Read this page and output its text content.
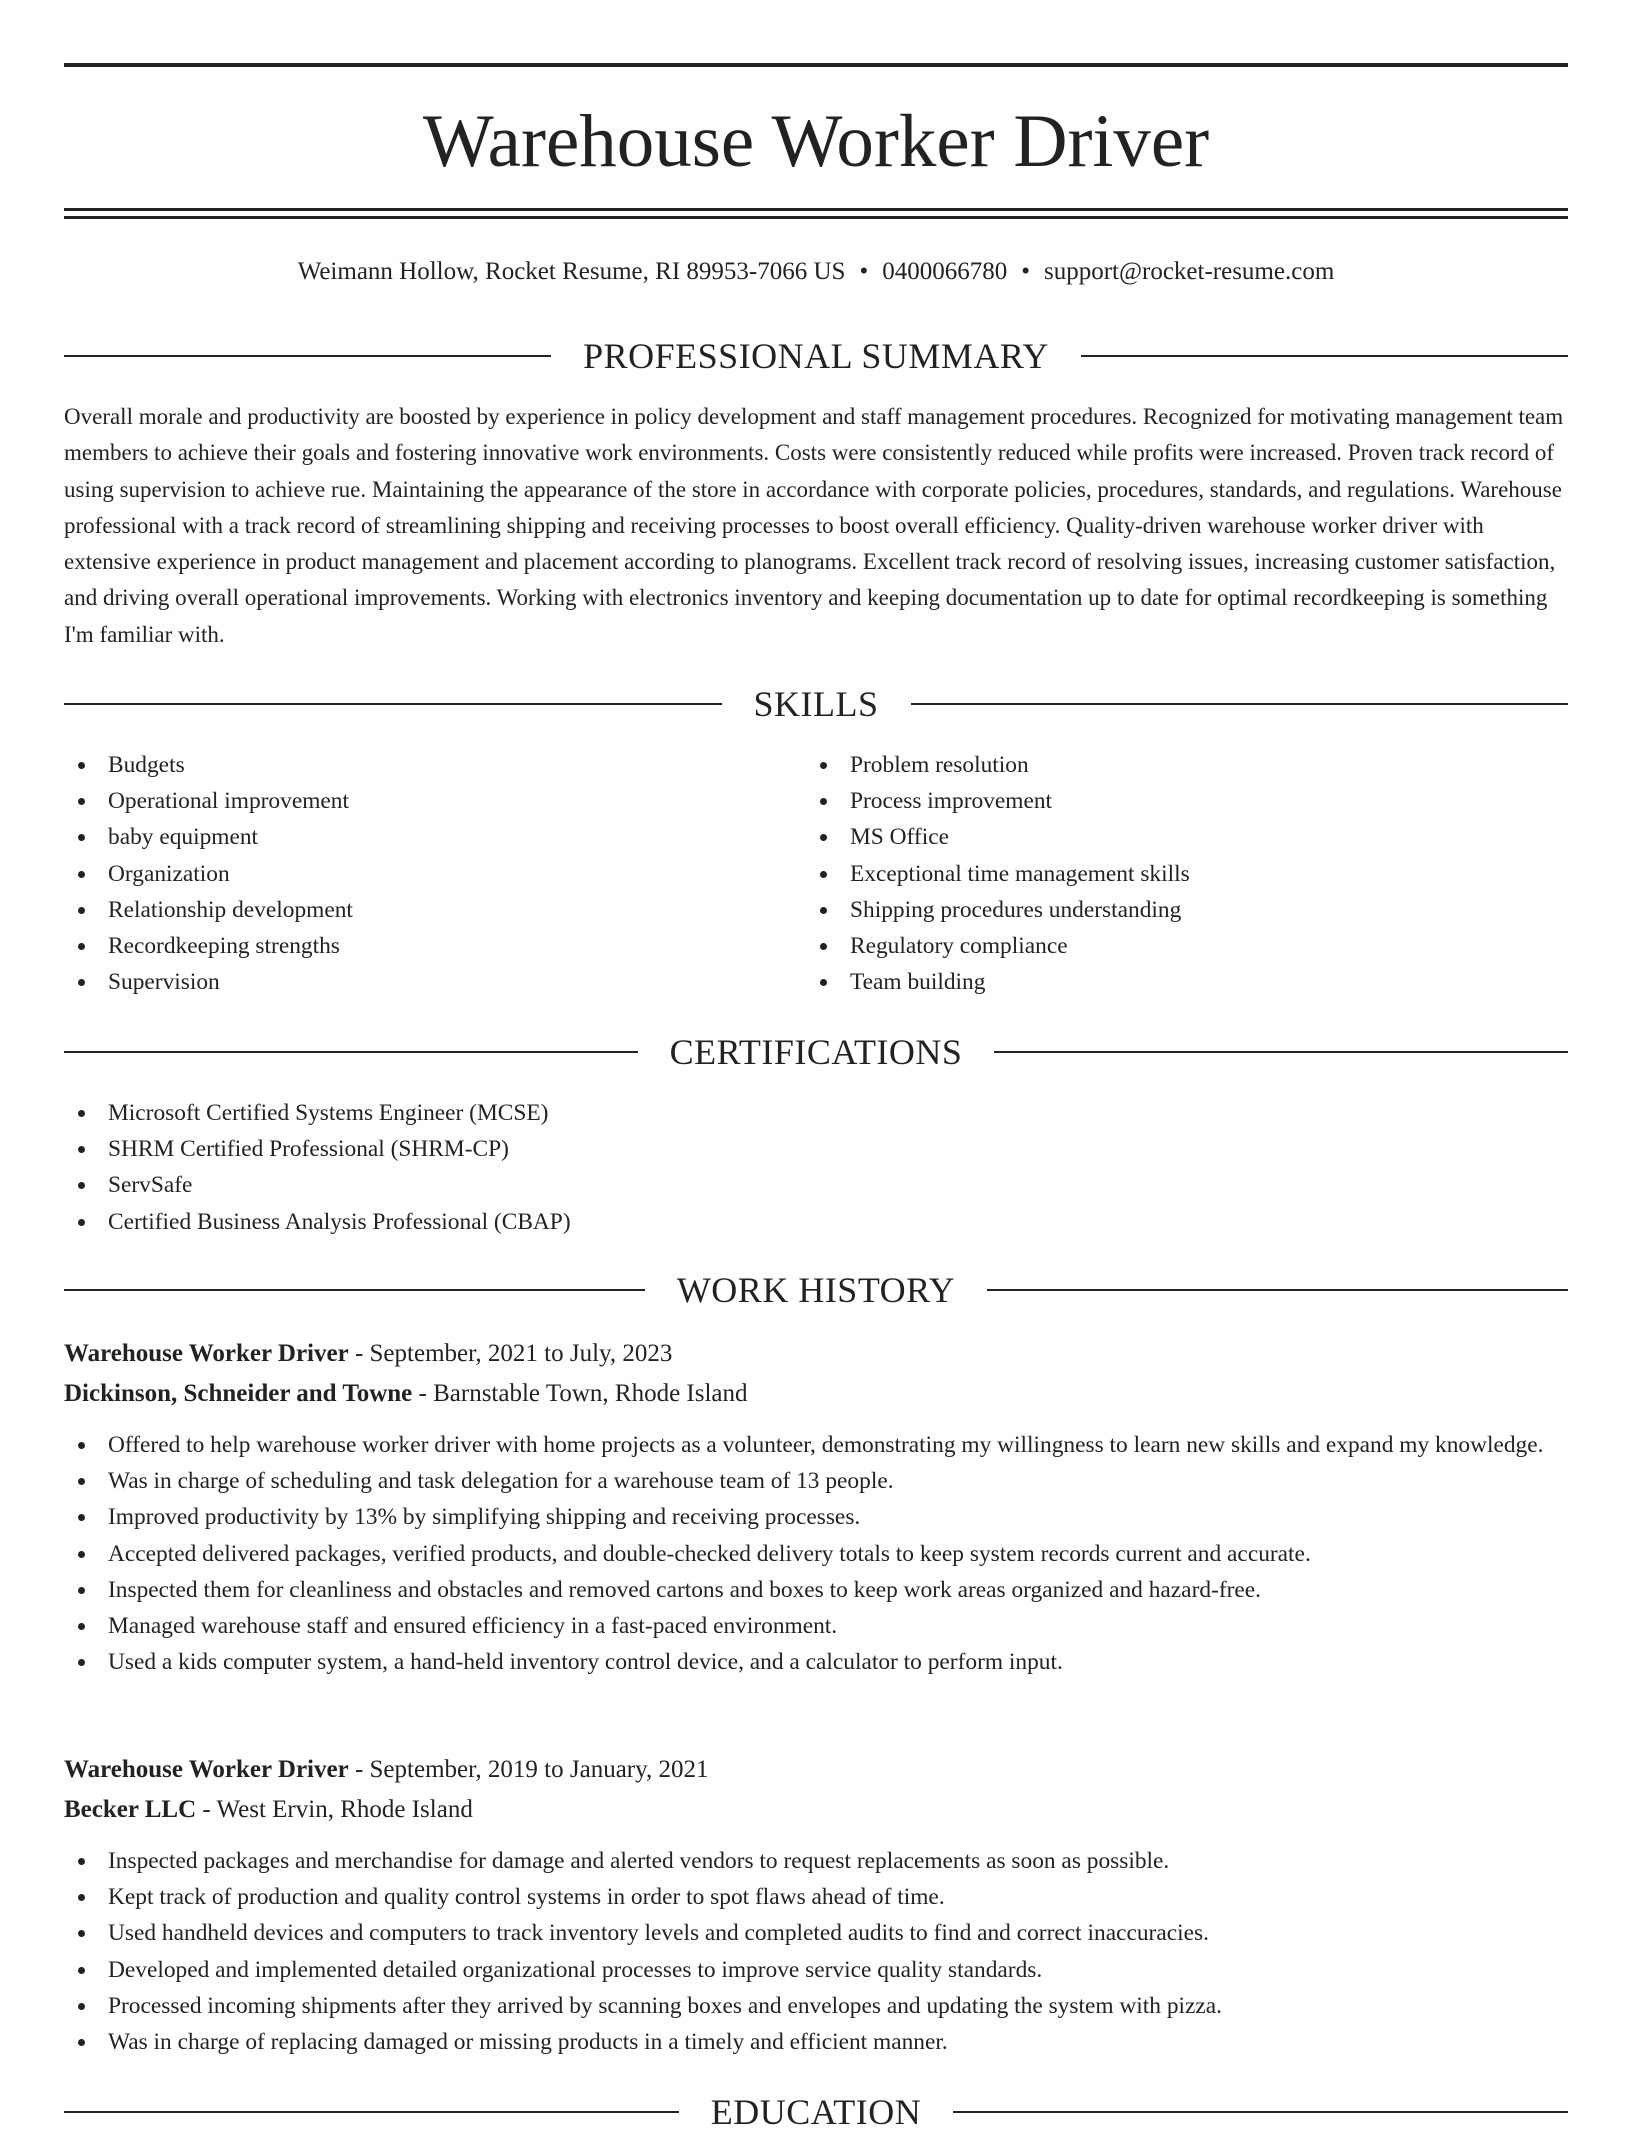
Warehouse Worker Driver
Weimann Hollow, Rocket Resume, RI 89953-7066 US • 0400066780 • support@rocket-resume.com
PROFESSIONAL SUMMARY

Overall morale and productivity are boosted by experience in policy development and staff management procedures. Recognized for motivating management team members to achieve their goals and fostering innovative work environments. Costs were consistently reduced while profits were increased. Proven track record of using supervision to achieve rue. Maintaining the appearance of the store in accordance with corporate policies, procedures, standards, and regulations. Warehouse professional with a track record of streamlining shipping and receiving processes to boost overall efficiency. Quality-driven warehouse worker driver with extensive experience in product management and placement according to planograms. Excellent track record of resolving issues, increasing customer satisfaction, and driving overall operational improvements. Working with electronics inventory and keeping documentation up to date for optimal recordkeeping is something I'm familiar with.

SKILLS
Budgets
Operational improvement
baby equipment
Organization
Relationship development
Recordkeeping strengths
Supervision
Problem resolution
Process improvement
MS Office
Exceptional time management skills
Shipping procedures understanding
Regulatory compliance
Team building
CERTIFICATIONS
Microsoft Certified Systems Engineer (MCSE)
SHRM Certified Professional (SHRM-CP)
ServSafe
Certified Business Analysis Professional (CBAP)
WORK HISTORY
Warehouse Worker Driver - September, 2021 to July, 2023
Dickinson, Schneider and Towne - Barnstable Town, Rhode Island
Offered to help warehouse worker driver with home projects as a volunteer, demonstrating my willingness to learn new skills and expand my knowledge.
Was in charge of scheduling and task delegation for a warehouse team of 13 people.
Improved productivity by 13% by simplifying shipping and receiving processes.
Accepted delivered packages, verified products, and double-checked delivery totals to keep system records current and accurate.
Inspected them for cleanliness and obstacles and removed cartons and boxes to keep work areas organized and hazard-free.
Managed warehouse staff and ensured efficiency in a fast-paced environment.
Used a kids computer system, a hand-held inventory control device, and a calculator to perform input.
Warehouse Worker Driver - September, 2019 to January, 2021
Becker LLC - West Ervin, Rhode Island
Inspected packages and merchandise for damage and alerted vendors to request replacements as soon as possible.
Kept track of production and quality control systems in order to spot flaws ahead of time.
Used handheld devices and computers to track inventory levels and completed audits to find and correct inaccuracies.
Developed and implemented detailed organizational processes to improve service quality standards.
Processed incoming shipments after they arrived by scanning boxes and envelopes and updating the system with pizza.
Was in charge of replacing damaged or missing products in a timely and efficient manner.
EDUCATION
